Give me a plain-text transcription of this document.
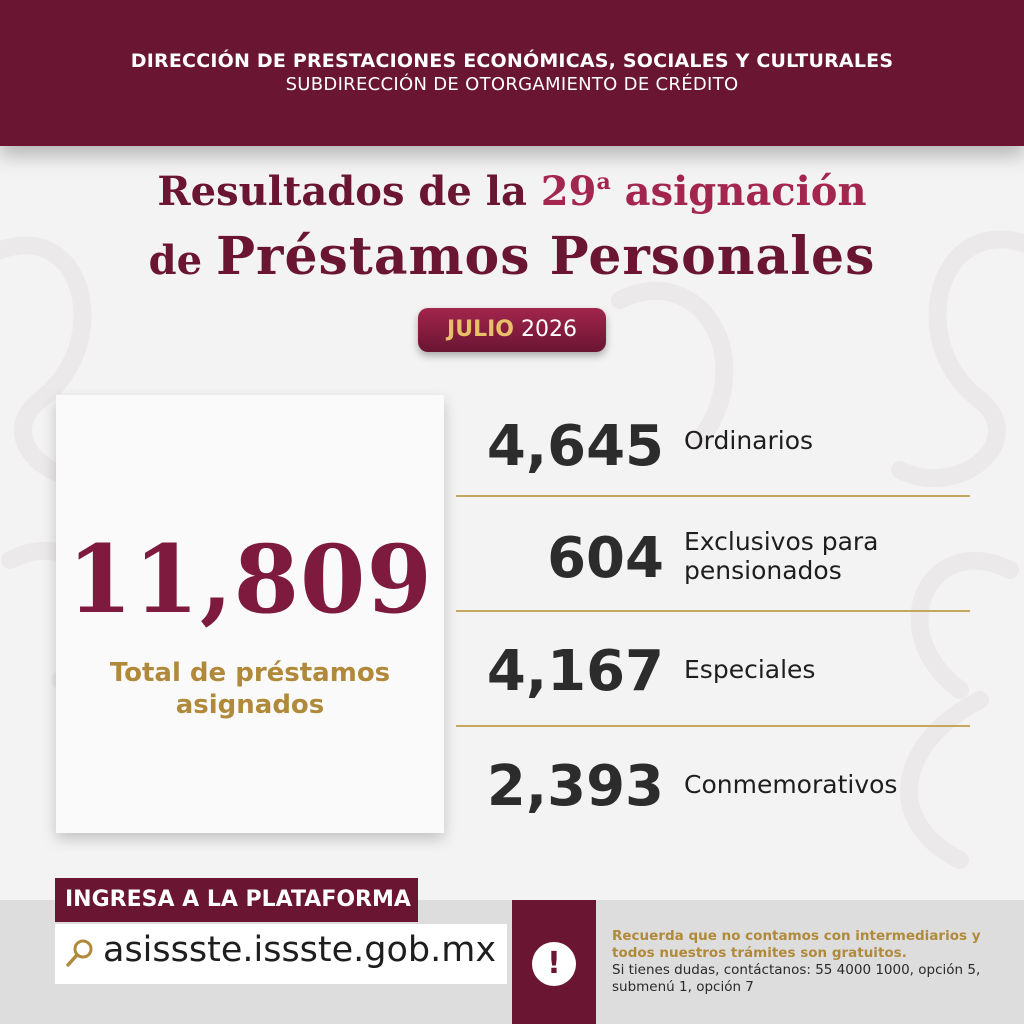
DIRECCIÓN DE PRESTACIONES ECONÓMICAS, SOCIALES Y CULTURALES
SUBDIRECCIÓN DE OTORGAMIENTO DE CRÉDITO
Resultados de la 29$^a$ asignación
de Préstamos Personales
JULIO 2026
11,809
Total de préstamos asignados
4,645 Ordinarios
604 Exclusivos para pensionados
4,167 Especiales
2,393 Conmemorativos
INGRESA A LA PLATAFORMA
asissste.issste.gob.mx	!
Recuerda que no contamos con intermediarios y todos nuestros trámites son gratuitos.
Si tienes dudas, contáctanos: 55 4000 1000, opción 5, submenú 1, opción 7
